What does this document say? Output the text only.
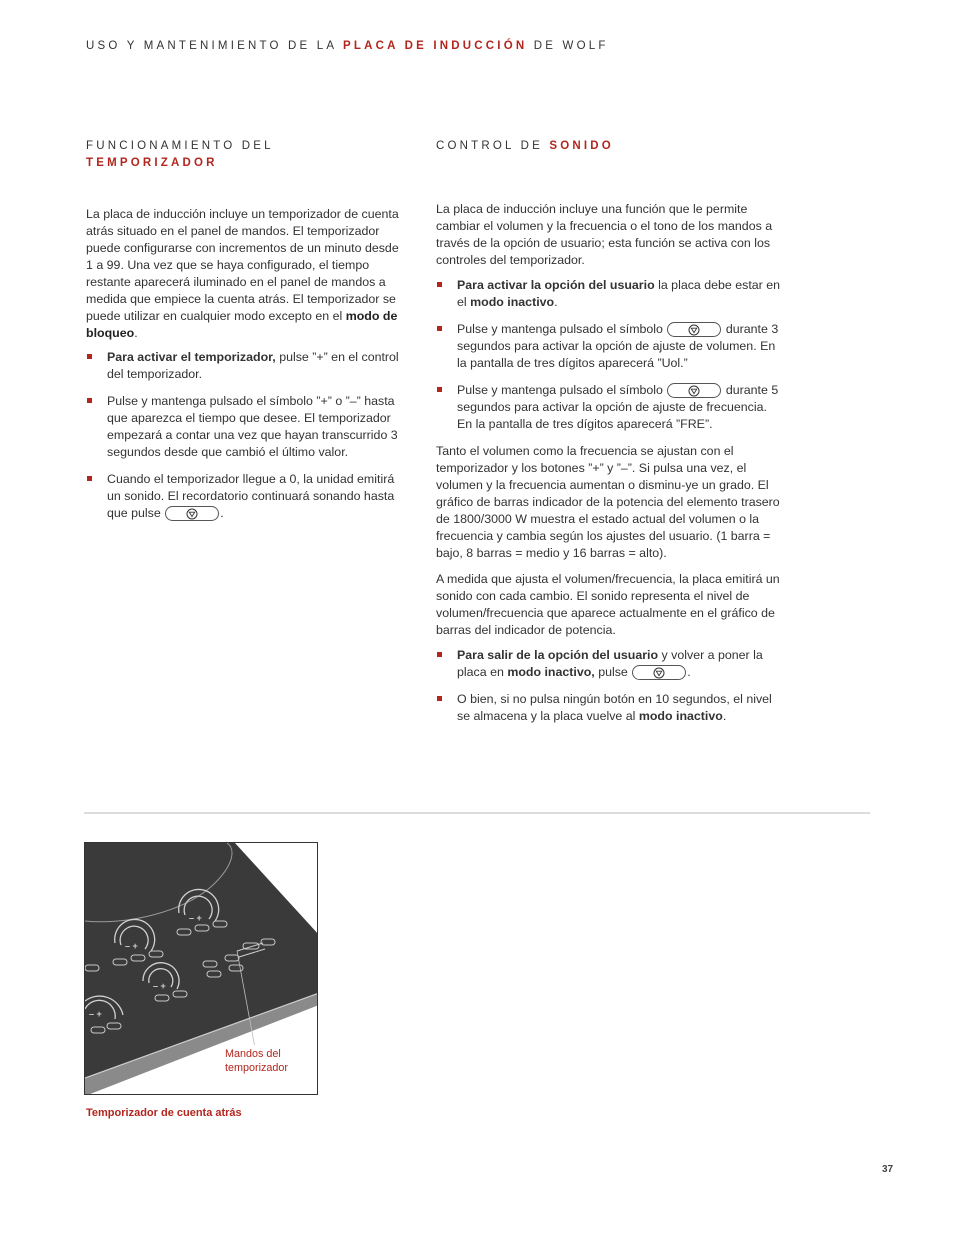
USO Y MANTENIMIENTO DE LA PLACA DE INDUCCIÓN DE WOLF
FUNCIONAMIENTO DEL
TEMPORIZADOR

La placa de inducción incluye un temporizador de cuenta atrás situado en el panel de mandos. El temporizador puede configurarse con incrementos de un minuto desde 1 a 99. Una vez que se haya configurado, el tiempo restante aparecerá iluminado en el panel de mandos a medida que empiece la cuenta atrás. El temporizador se puede utilizar en cualquier modo excepto en el modo de bloqueo.

Para activar el temporizador, pulse ”+” en el control del temporizador.
Pulse y mantenga pulsado el símbolo ”+” o ”–” hasta que aparezca el tiempo que desee. El temporizador empezará a contar una vez que hayan transcurrido 3 segundos desde que cambió el último valor.
Cuando el temporizador llegue a 0, la unidad emitirá un sonido. El recordatorio continuará sonando hasta que pulse	.
CONTROL DE SONIDO

La placa de inducción incluye una función que le permite cambiar el volumen y la frecuencia o el tono de los mandos a través de la opción de usuario; esta función se activa con los controles del temporizador.

Para activar la opción del usuario la placa debe estar en el modo inactivo.
Pulse y mantenga pulsado el símbolo	durante 3 segundos para activar la opción de ajuste de volumen. En la pantalla de tres dígitos aparecerá ”Uol.”
Pulse y mantenga pulsado el símbolo	durante 5 segundos para activar la opción de ajuste de frecuencia. En la pantalla de tres dígitos aparecerá ”FRE”.

Tanto el volumen como la frecuencia se ajustan con el temporizador y los botones ”+” y ”–”. Si pulsa una vez, el volumen y la frecuencia aumentan o disminu-ye un grado. El gráfico de barras indicador de la potencia del elemento trasero de 1800/3000 W muestra el estado actual del volumen o la frecuencia y cambia según los ajustes del usuario. (1 barra = bajo, 8 barras = medio y 16 barras = alto).

A medida que ajusta el volumen/frecuencia, la placa emitirá un sonido con cada cambio. El sonido representa el nivel de volumen/frecuencia que aparece actualmente en el gráfico de barras del indicador de potencia.

Para salir de la opción del usuario y volver a poner la placa en modo inactivo, pulse	.
O bien, si no pulsa ningún botón en 10 segundos, el nivel se almacena y la placa vuelve al modo inactivo.
– +
– +
– +
– +
Mandos del
temporizador
Temporizador de cuenta atrás
37
